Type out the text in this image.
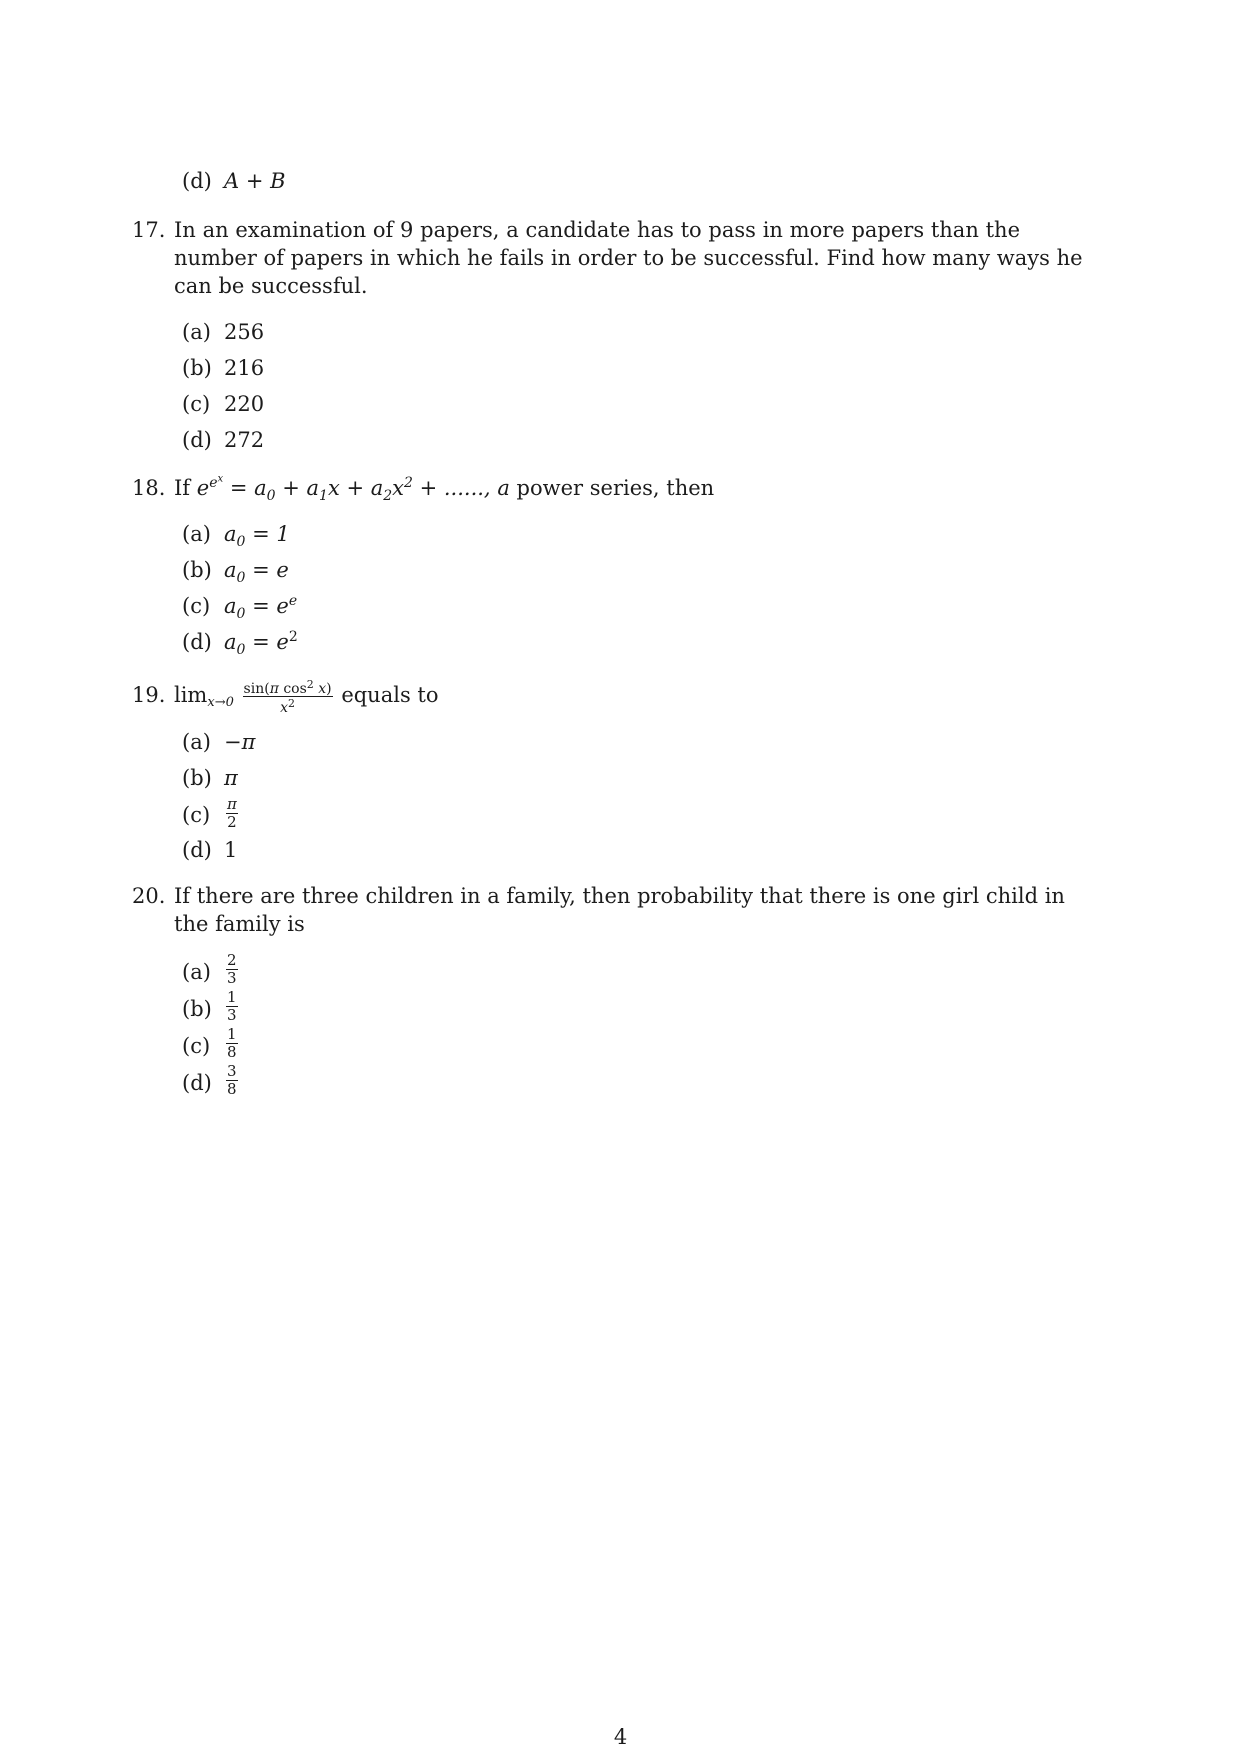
(d) A + B
17. In an examination of 9 papers, a candidate has to pass in more papers than the
number of papers in which he fails in order to be successful. Find how many ways he
can be successful.
(a) 256
(b) 216
(c) 220
(d) 272
18. If $e^{e^x} = a_0 + a_1x + a_2x^2$ + ......, a power series, then
(a) $a_0 = 1$
(b) $a_0 = e$
(c) $a_0 = e^e$
(d) $a_0 = e^2$
19. $\lim x\to 0 \frac{\sin(\pi \cos^2 x)}{x^2}$ equals to
(a) −π
(b) π
$(c) \frac{\pi}{2}$
(d) 1
20. If there are three children in a family, then probability that there is one girl child in
the family is
$(a) \frac{2}{3}$
$(b) \frac{1}{3}$
$(c) \frac{1}{8}$
$(d) \frac{3}{8}$
4
